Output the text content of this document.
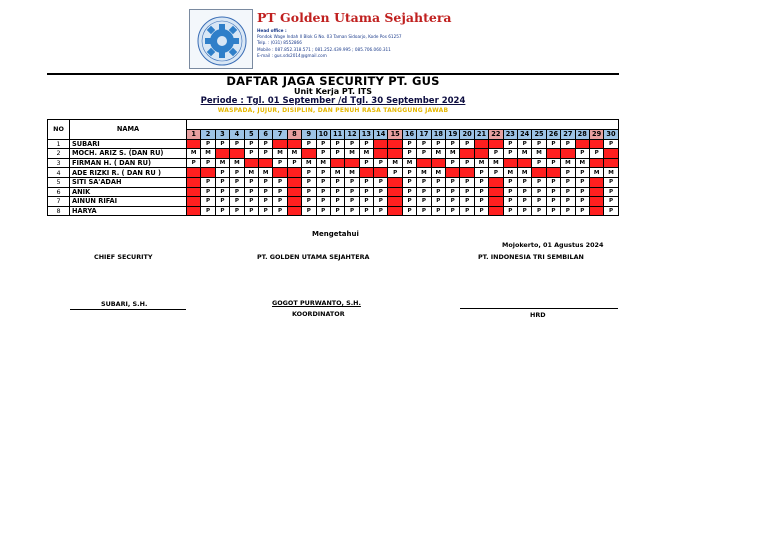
PT Golden Utama Sejahtera
Head office :
Pondok Wage Indah II Blok G No. 03 Taman Sidoarjo, Kode Pos 61257
Telp. : (031) 8552866
Mobile : 087.852.318.571 ; 081.252.439.995 ; 085.706.060.311
E-mail : gus.sds2014@gmail.com
DAFTAR JAGA SECURITY PT. GUS
Unit Kerja PT. ITS
Periode : Tgl. 01 September /d Tgl. 30 September 2024
WASPADA, JUJUR, DISIPLIN, DAN PENUH RASA TANGGUNG JAWAB
NO	NAMA																														
		1	2	3	4	5	6	7	8	9	10	11	12	13	14	15	16	17	18	19	20	21	22	23	24	25	26	27	28	29	30
1	SUBARI		P	P	P	P	P			P	P	P	P	P			P	P	P	P	P			P	P	P	P	P			P
2	MOCH. ARIZ S. (DAN RU)	M	M			P	P	M	M		P	P	M	M			P	P	M	M			P	P	M	M			P	P	
3	FIRMAN H. ( DAN RU)	P	P	M	M			P	P	M	M			P	P	M	M			P	P	M	M			P	P	M	M		
4	ADE RIZKI R. ( DAN RU )			P	P	M	M			P	P	M	M			P	P	M	M			P	P	M	M			P	P	M	M
5	SITI SA'ADAH		P	P	P	P	P	P		P	P	P	P	P	P		P	P	P	P	P	P		P	P	P	P	P	P		P
6	ANIK		P	P	P	P	P	P		P	P	P	P	P	P		P	P	P	P	P	P		P	P	P	P	P	P		P
7	AINUN RIFAI		P	P	P	P	P	P		P	P	P	P	P	P		P	P	P	P	P	P		P	P	P	P	P	P		P
8	HARYA		P	P	P	P	P	P		P	P	P	P	P	P		P	P	P	P	P	P		P	P	P	P	P	P		P
Mengetahui
Mojokerto, 01 Agustus 2024
CHIEF SECURITY	PT. GOLDEN UTAMA SEJAHTERA	PT. INDONESIA TRI SEMBILAN
SUBARI, S.H.	GOGOT PURWANTO, S.H.
KOORDINATOR	HRD
